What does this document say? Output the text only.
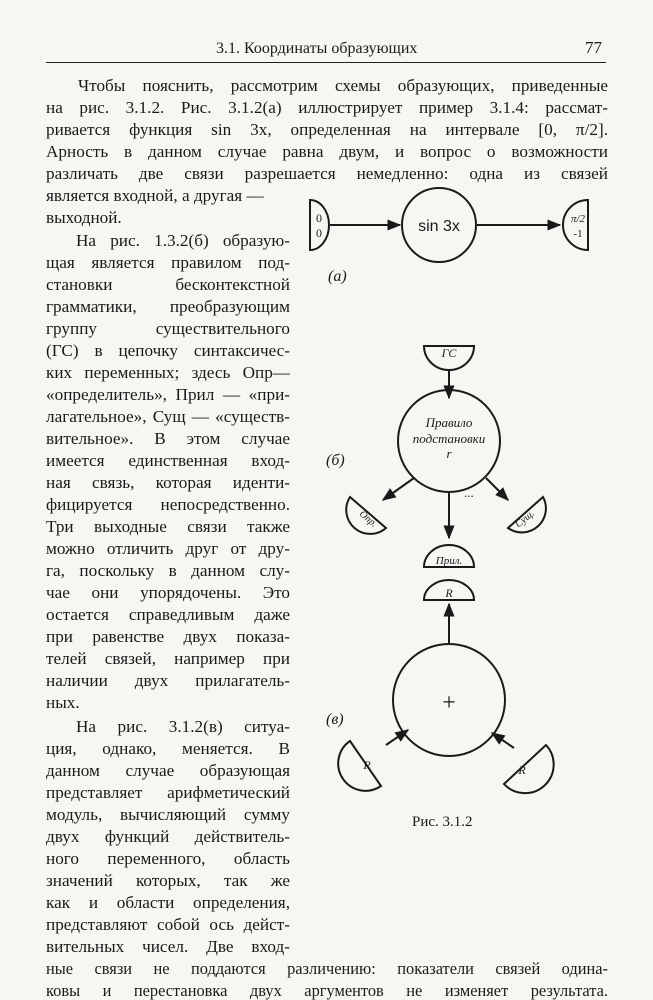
3.1. Координаты образующих	77
Чтобы пояснить, рассмотрим схемы образующих, приведенные
на рис. 3.1.2. Рис. 3.1.2(а) иллюстрирует пример 3.1.4: рассмат-
ривается функция sin 3x, определенная на интервале [0, π/2].
Арность в данном случае равна двум, и вопрос о возможности
различать две связи разрешается немедленно: одна из связей
является входной, а другая —
выходной.
На рис. 1.3.2(б) образую-
щая является правилом под-
становки бесконтекстной
грамматики, преобразующим
группу существительного
(ГС) в цепочку синтаксичес-
ких переменных; здесь Опр—
«определитель», Прил — «при-
лагательное», Сущ — «существ-
вительное». В этом случае
имеется единственная вход-
ная связь, которая иденти-
фицируется непосредственно.
Три выходные связи также
можно отличить друг от дру-
га, поскольку в данном слу-
чае они упорядочены. Это
остается справедливым даже
при равенстве двух показа-
телей связей, например при
наличии двух прилагатель-
ных.
На рис. 3.1.2(в) ситуа-
ция, однако, меняется. В
данном случае образующая
представляет арифметический
модуль, вычисляющий сумму
двух функций действитель-
ного переменного, область
значений которых, так же
как и области определения,
представляют собой ось дейст-
вительных чисел. Две вход-
ные связи не поддаются различению: показатели связей одина-
ковы и перестановка двух аргументов не изменяет результата.
0
0	sin 3x	π/2
-1
(а)
ГС
Правило
подстановки
r
...
Опр.	Сущ.
Прил.
(б)
R
+
R	R
(в)
Рис. 3.1.2
